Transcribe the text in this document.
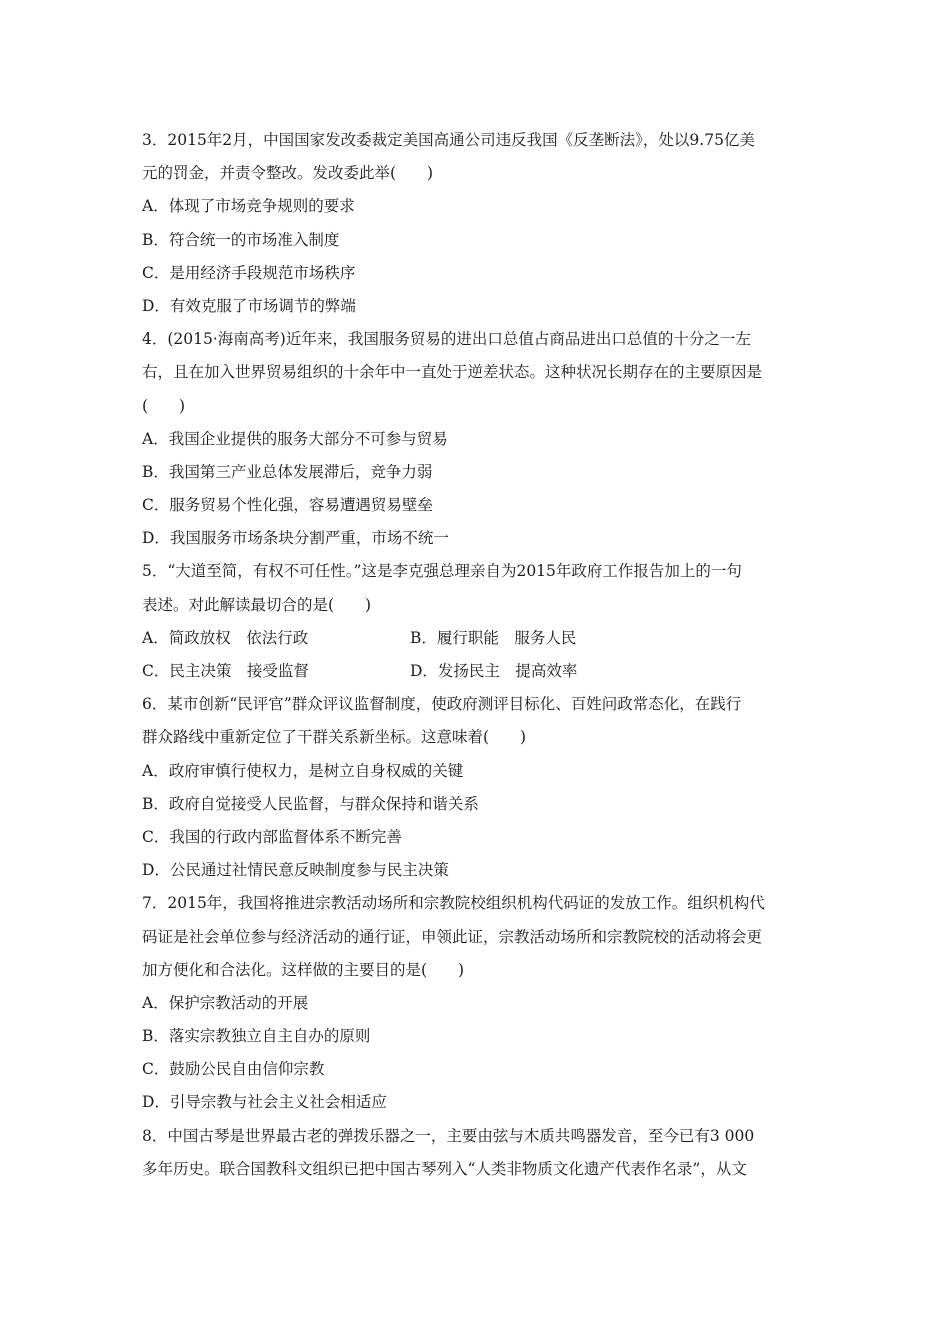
3．2015年2月，中国国家发改委裁定美国高通公司违反我国《反垄断法》，处以9.75亿美
元的罚金，并责令整改。发改委此举(　　)
A．体现了市场竞争规则的要求
B．符合统一的市场准入制度
C．是用经济手段规范市场秩序
D．有效克服了市场调节的弊端
4．(2015·海南高考)近年来，我国服务贸易的进出口总值占商品进出口总值的十分之一左
右，且在加入世界贸易组织的十余年中一直处于逆差状态。这种状况长期存在的主要原因是
(　　)
A．我国企业提供的服务大部分不可参与贸易
B．我国第三产业总体发展滞后，竞争力弱
C．服务贸易个性化强，容易遭遇贸易壁垒
D．我国服务市场条块分割严重，市场不统一
5．“大道至简，有权不可任性。”这是李克强总理亲自为2015年政府工作报告加上的一句
表述。对此解读最切合的是(　　)
A．简政放权　依法行政	B．履行职能　服务人民
C．民主决策　接受监督	D．发扬民主　提高效率
6．某市创新“民评官”群众评议监督制度，使政府测评目标化、百姓问政常态化，在践行
群众路线中重新定位了干群关系新坐标。这意味着(　　)
A．政府审慎行使权力，是树立自身权威的关键
B．政府自觉接受人民监督，与群众保持和谐关系
C．我国的行政内部监督体系不断完善
D．公民通过社情民意反映制度参与民主决策
7．2015年，我国将推进宗教活动场所和宗教院校组织机构代码证的发放工作。组织机构代
码证是社会单位参与经济活动的通行证，申领此证，宗教活动场所和宗教院校的活动将会更
加方便化和合法化。这样做的主要目的是(　　)
A．保护宗教活动的开展
B．落实宗教独立自主自办的原则
C．鼓励公民自由信仰宗教
D．引导宗教与社会主义社会相适应
8．中国古琴是世界最古老的弹拨乐器之一，主要由弦与木质共鸣器发音，至今已有3 000
多年历史。联合国教科文组织已把中国古琴列入“人类非物质文化遗产代表作名录”，从文
